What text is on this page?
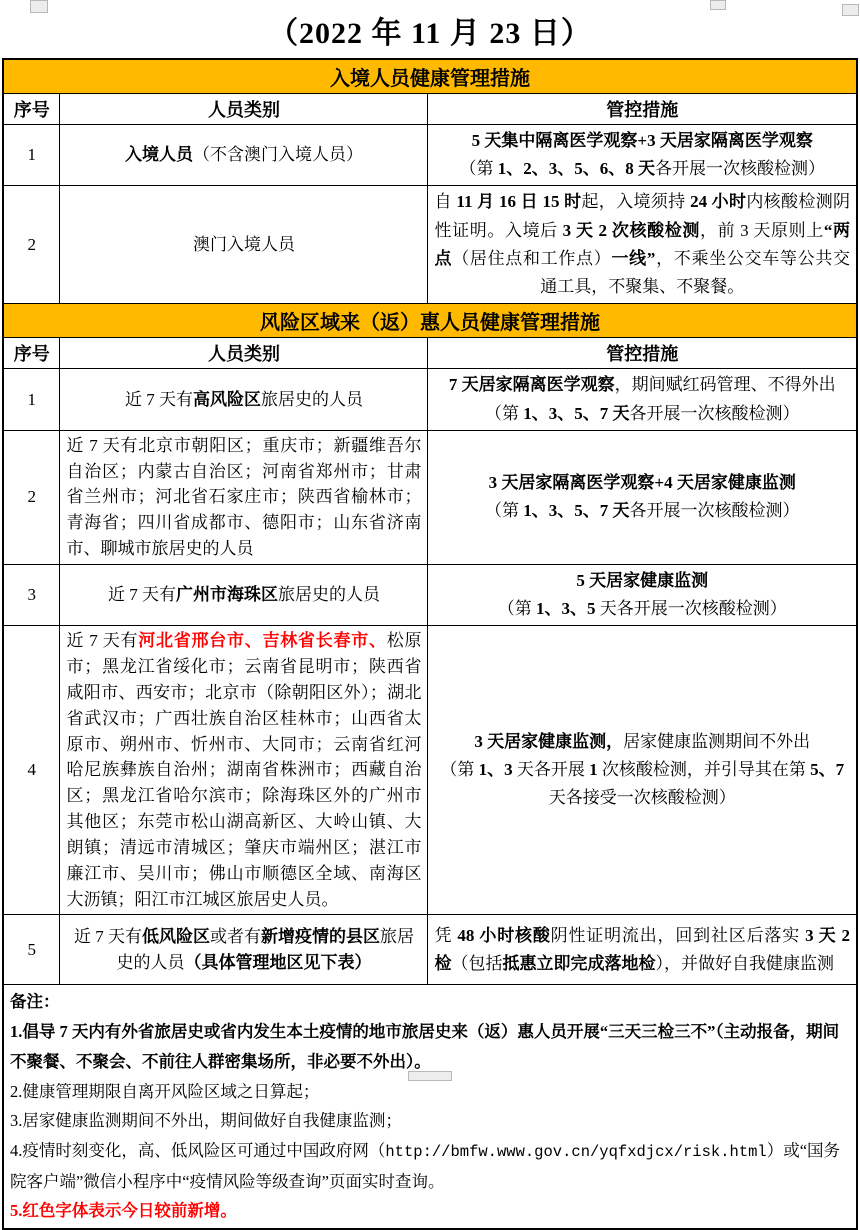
（2022 年 11 月 23 日）
入境人员健康管理措施		
序号	人员类别	管控措施
1	入境人员（不含澳门入境人员）	5 天集中隔离医学观察+3 天居家隔离医学观察
（第 1、2、3、5、6、8 天各开展一次核酸检测）

2	澳门入境人员	自 11 月 16 日 15 时起，入境须持 24 小时内核酸检测阴性证明。入境后 3 天 2 次核酸检测，前 3 天原则上“两点（居住点和工作点）一线”，不乘坐公交车等公共交通工具，不聚集、不聚餐。

风险区域来（返）惠人员健康管理措施		
序号	人员类别	管控措施
1	近 7 天有高风险区旅居史的人员	7 天居家隔离医学观察，期间赋红码管理、不得外出
（第 1、3、5、7 天各开展一次核酸检测）

2	近 7 天有北京市朝阳区；重庆市；新疆维吾尔自治区；内蒙古自治区；河南省郑州市；甘肃省兰州市；河北省石家庄市；陕西省榆林市；青海省；四川省成都市、德阳市；山东省济南市、聊城市旅居史的人员	3 天居家隔离医学观察+4 天居家健康监测
（第 1、3、5、7 天各开展一次核酸检测）

3	近 7 天有广州市海珠区旅居史的人员	5 天居家健康监测
（第 1、3、5 天各开展一次核酸检测）

4	近 7 天有河北省邢台市、吉林省长春市、松原市；黑龙江省绥化市；云南省昆明市；陕西省咸阳市、西安市；北京市（除朝阳区外）；湖北省武汉市；广西壮族自治区桂林市；山西省太原市、朔州市、忻州市、大同市；云南省红河哈尼族彝族自治州；湖南省株洲市；西藏自治区；黑龙江省哈尔滨市；除海珠区外的广州市其他区；东莞市松山湖高新区、大岭山镇、大朗镇；清远市清城区；肇庆市端州区；湛江市廉江市、吴川市；佛山市顺德区全域、南海区大沥镇；阳江市江城区旅居史人员。	3 天居家健康监测，居家健康监测期间不外出
（第 1、3 天各开展 1 次核酸检测，并引导其在第 5、7 天各接受一次核酸检测）

5	近 7 天有低风险区或者有新增疫情的县区旅居史的人员（具体管理地区见下表）	凭 48 小时核酸阴性证明流出，回到社区后落实 3 天 2 检（包括抵惠立即完成落地检），并做好自我健康监测

备注：
1.倡导 7 天内有外省旅居史或省内发生本土疫情的地市旅居史来（返）惠人员开展“三天三检三不”（主动报备，期间不聚餐、不聚会、不前往人群密集场所，非必要不外出）。
2.健康管理期限自离开风险区域之日算起；
3.居家健康监测期间不外出，期间做好自我健康监测；
4.疫情时刻变化，高、低风险区可通过中国政府网（http://bmfw.www.gov.cn/yqfxdjcx/risk.html）或“国务院客户端”微信小程序中“疫情风险等级查询”页面实时查询。
5.红色字体表示今日较前新增。
